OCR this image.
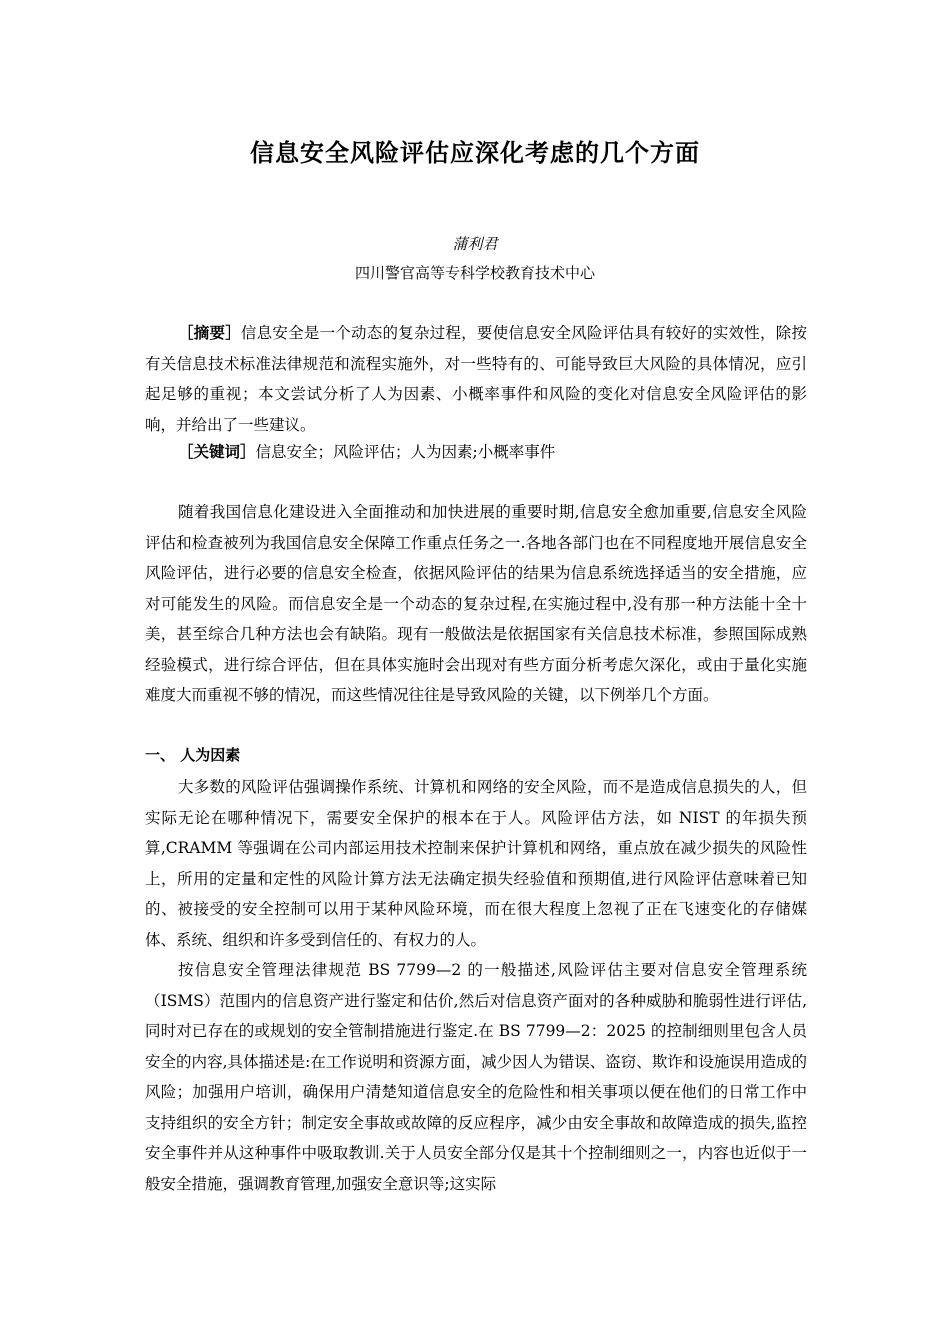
信息安全风险评估应深化考虑的几个方面
蒲利君
四川警官高等专科学校教育技术中心
［摘要］信息安全是一个动态的复杂过程，要使信息安全风险评估具有较好的实效性，除按有关信息技术标准法律规范和流程实施外，对一些特有的、可能导致巨大风险的具体情况，应引起足够的重视；本文尝试分析了人为因素、小概率事件和风险的变化对信息安全风险评估的影响，并给出了一些建议。
［关键词］信息安全；风险评估；人为因素;小概率事件
随着我国信息化建设进入全面推动和加快进展的重要时期,信息安全愈加重要,信息安全风险评估和检查被列为我国信息安全保障工作重点任务之一.各地各部门也在不同程度地开展信息安全风险评估，进行必要的信息安全检查，依据风险评估的结果为信息系统选择适当的安全措施，应对可能发生的风险。而信息安全是一个动态的复杂过程,在实施过程中,没有那一种方法能十全十美，甚至综合几种方法也会有缺陷。现有一般做法是依据国家有关信息技术标准，参照国际成熟经验模式，进行综合评估，但在具体实施时会出现对有些方面分析考虑欠深化，或由于量化实施难度大而重视不够的情况，而这些情况往往是导致风险的关键，以下例举几个方面。
一、 人为因素
大多数的风险评估强调操作系统、计算机和网络的安全风险，而不是造成信息损失的人，但实际无论在哪种情况下，需要安全保护的根本在于人。风险评估方法，如 NIST 的年损失预算,CRAMM 等强调在公司内部运用技术控制来保护计算机和网络，重点放在减少损失的风险性上，所用的定量和定性的风险计算方法无法确定损失经验值和预期值,进行风险评估意味着已知的、被接受的安全控制可以用于某种风险环境，而在很大程度上忽视了正在飞速变化的存储媒体、系统、组织和许多受到信任的、有权力的人。
按信息安全管理法律规范 BS 7799—2 的一般描述,风险评估主要对信息安全管理系统（ISMS）范围内的信息资产进行鉴定和估价,然后对信息资产面对的各种威胁和脆弱性进行评估,同时对已存在的或规划的安全管制措施进行鉴定.在 BS 7799—2：2025 的控制细则里包含人员安全的内容,具体描述是:在工作说明和资源方面，减少因人为错误、盗窃、欺诈和设施误用造成的风险；加强用户培训，确保用户清楚知道信息安全的危险性和相关事项以便在他们的日常工作中支持组织的安全方针；制定安全事故或故障的反应程序，减少由安全事故和故障造成的损失,监控安全事件并从这种事件中吸取教训.关于人员安全部分仅是其十个控制细则之一，内容也近似于一般安全措施，强调教育管理,加强安全意识等;这实际
